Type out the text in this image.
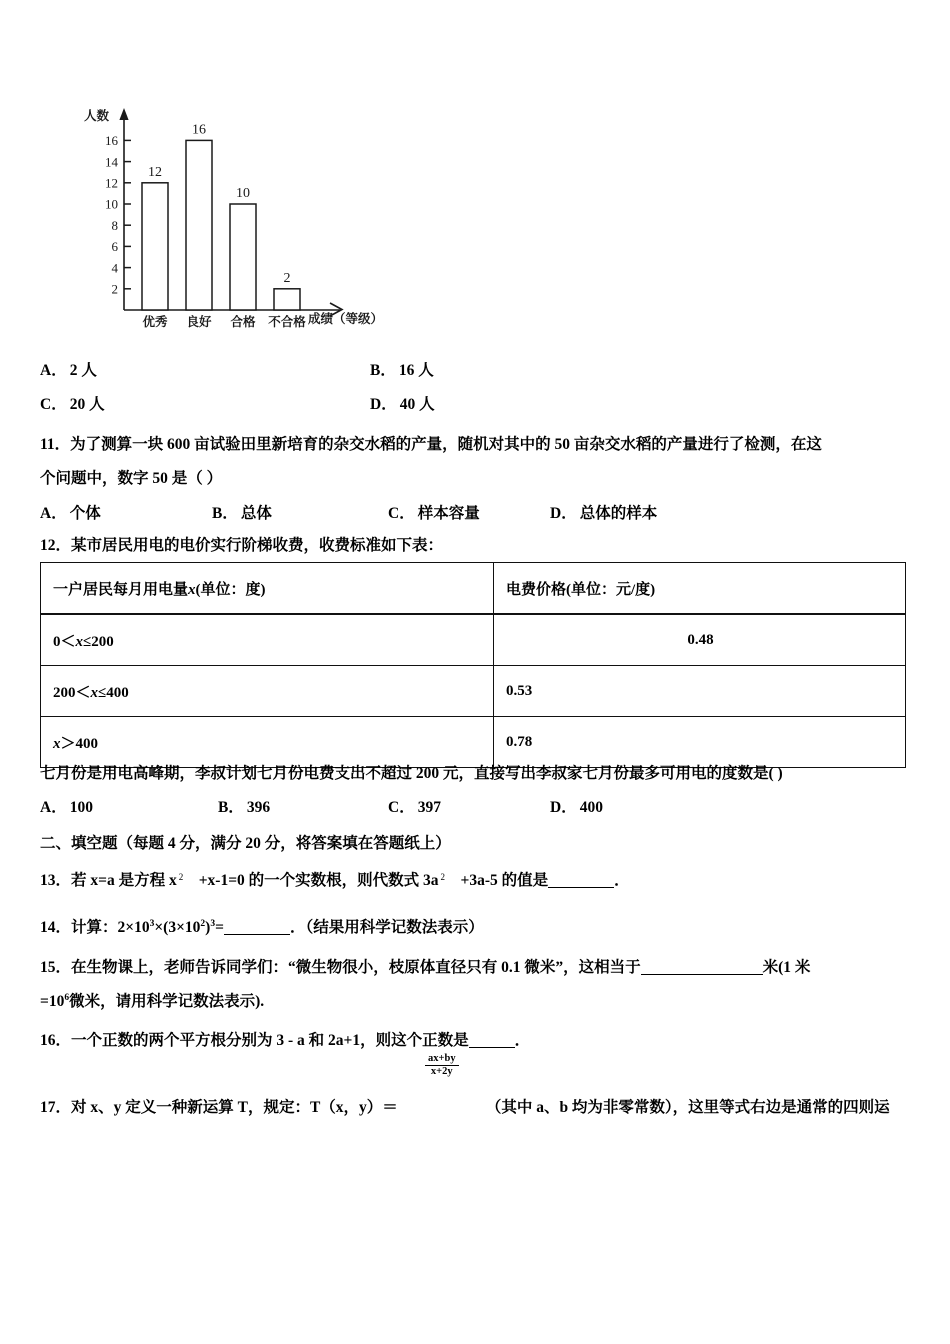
人数
2
4
6
8
10
12
14
16
12
16
10
2
优秀 良好 合格 不合格 成绩（等级）
A． 2 人	B． 16 人
C． 20 人	D． 40 人
11．为了测算一块 600 亩试验田里新培育的杂交水稻的产量，随机对其中的 50 亩杂交水稻的产量进行了检测，在这
个问题中，数字 50 是（ ）
A． 个体	B． 总体	C． 样本容量	D． 总体的样本
12．某市居民用电的电价实行阶梯收费，收费标准如下表：
一户居民每月用电量x(单位：度)	电费价格(单位：元/度)
0＜x≤200	0.48
200＜x≤400	0.53
x＞400	0.78
七月份是用电高峰期，李叔计划七月份电费支出不超过 200 元，直接写出李叔家七月份最多可用电的度数是( )
A． 100	B． 396	C． 397	D． 400
二、填空题（每题 4 分，满分 20 分，将答案填在答题纸上）
13．若 x=a 是方程 x 2 +x-1=0 的一个实数根，则代数式 3a 2 +3a-5 的值是	．
14．计算：$2\times 10^3\times(3\times 10^2)^3=$	．（结果用科学记数法表示）
15．在生物课上，老师告诉同学们：“微生物很小，枝原体直径只有 0.1 微米”，这相当于	米(1 米
$=10^6$微米，请用科学记数法表示).
16．一个正数的两个平方根分别为 3 - a 和 2a+1，则这个正数是	．
$\frac{ax+by}{x+2y}$
17．对 x、y 定义一种新运算 T，规定：T（x，y）＝	（其中 a、b 均为非零常数），这里等式右边是通常的四则运
